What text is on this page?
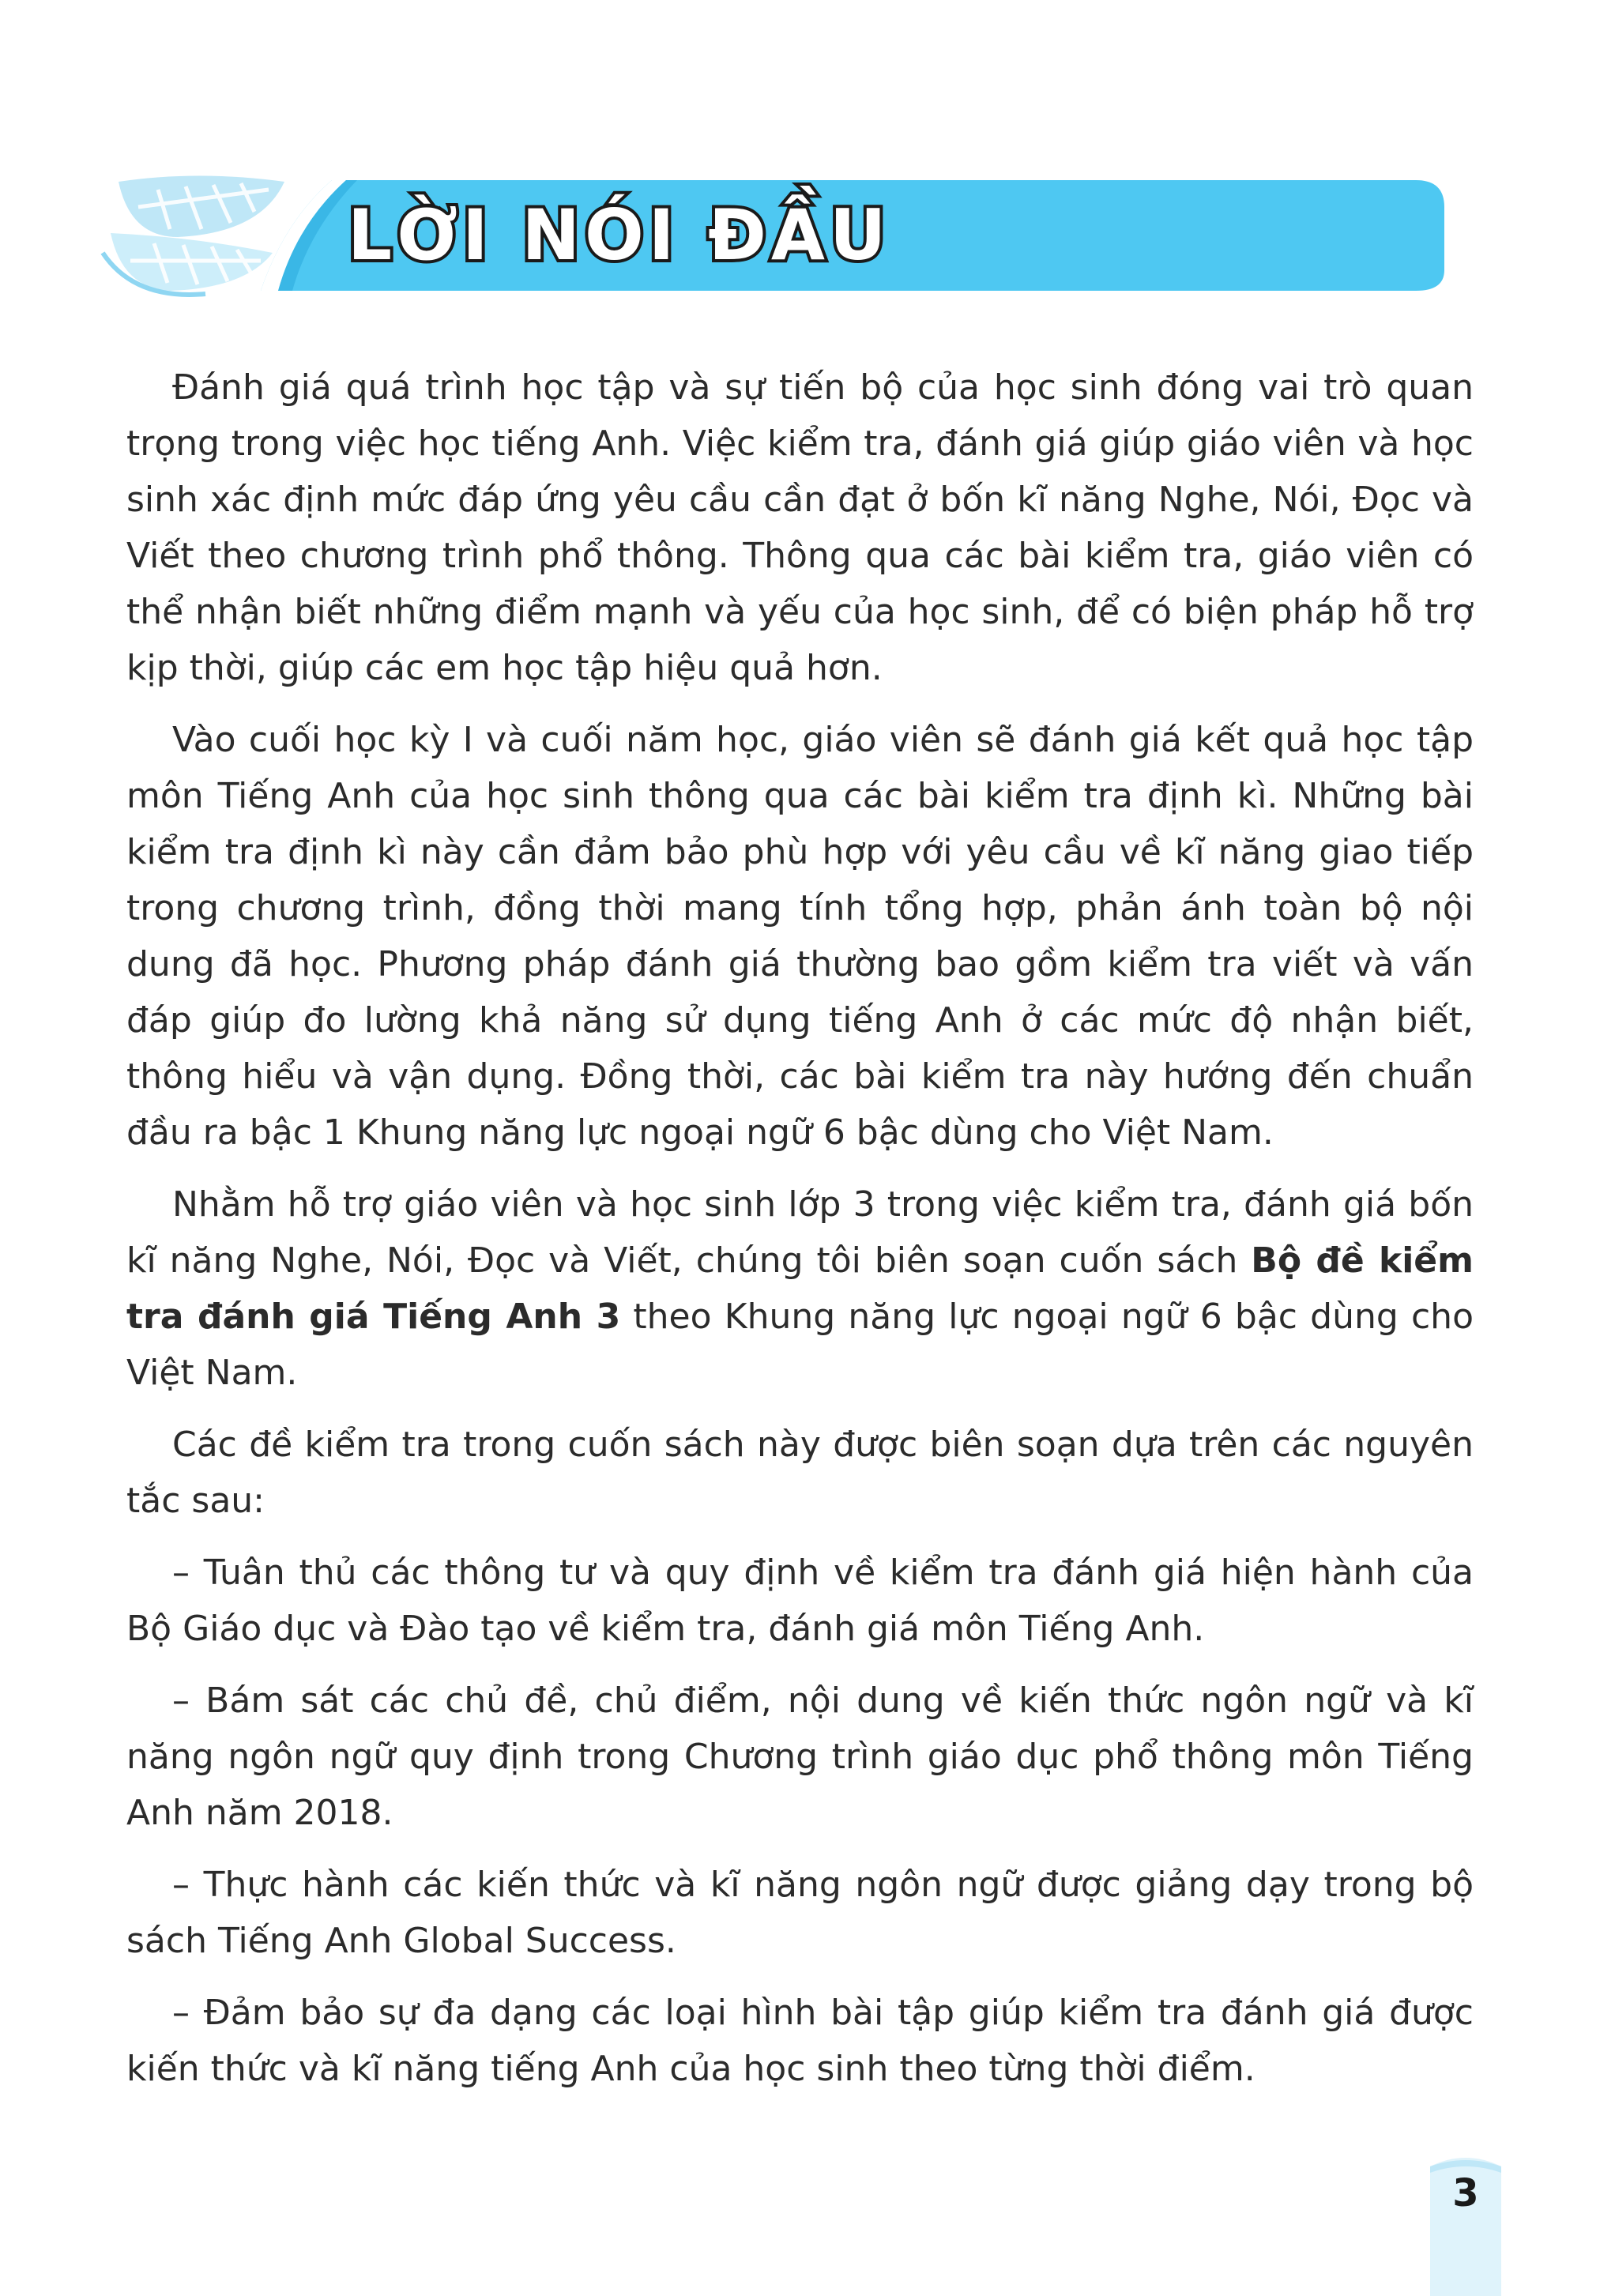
LỜI NÓI ĐẦU

Đánh giá quá trình học tập và sự tiến bộ của học sinh đóng vai trò quan trọng trong việc học tiếng Anh. Việc kiểm tra, đánh giá giúp giáo viên và học sinh xác định mức đáp ứng yêu cầu cần đạt ở bốn kĩ năng Nghe, Nói, Đọc và Viết theo chương trình phổ thông. Thông qua các bài kiểm tra, giáo viên có thể nhận biết những điểm mạnh và yếu của học sinh, để có biện pháp hỗ trợ kịp thời, giúp các em học tập hiệu quả hơn.

Vào cuối học kỳ I và cuối năm học, giáo viên sẽ đánh giá kết quả học tập môn Tiếng Anh của học sinh thông qua các bài kiểm tra định kì. Những bài kiểm tra định kì này cần đảm bảo phù hợp với yêu cầu về kĩ năng giao tiếp trong chương trình, đồng thời mang tính tổng hợp, phản ánh toàn bộ nội dung đã học. Phương pháp đánh giá thường bao gồm kiểm tra viết và vấn đáp giúp đo lường khả năng sử dụng tiếng Anh ở các mức độ nhận biết, thông hiểu và vận dụng. Đồng thời, các bài kiểm tra này hướng đến chuẩn đầu ra bậc 1 Khung năng lực ngoại ngữ 6 bậc dùng cho Việt Nam.

Nhằm hỗ trợ giáo viên và học sinh lớp 3 trong việc kiểm tra, đánh giá bốn kĩ năng Nghe, Nói, Đọc và Viết, chúng tôi biên soạn cuốn sách Bộ đề kiểm tra đánh giá Tiếng Anh 3 theo Khung năng lực ngoại ngữ 6 bậc dùng cho Việt Nam.

Các đề kiểm tra trong cuốn sách này được biên soạn dựa trên các nguyên tắc sau:

– Tuân thủ các thông tư và quy định về kiểm tra đánh giá hiện hành của Bộ Giáo dục và Đào tạo về kiểm tra, đánh giá môn Tiếng Anh.

– Bám sát các chủ đề, chủ điểm, nội dung về kiến thức ngôn ngữ và kĩ năng ngôn ngữ quy định trong Chương trình giáo dục phổ thông môn Tiếng Anh năm 2018.

– Thực hành các kiến thức và kĩ năng ngôn ngữ được giảng dạy trong bộ sách Tiếng Anh Global Success.

– Đảm bảo sự đa dạng các loại hình bài tập giúp kiểm tra đánh giá được kiến thức và kĩ năng tiếng Anh của học sinh theo từng thời điểm.

3
